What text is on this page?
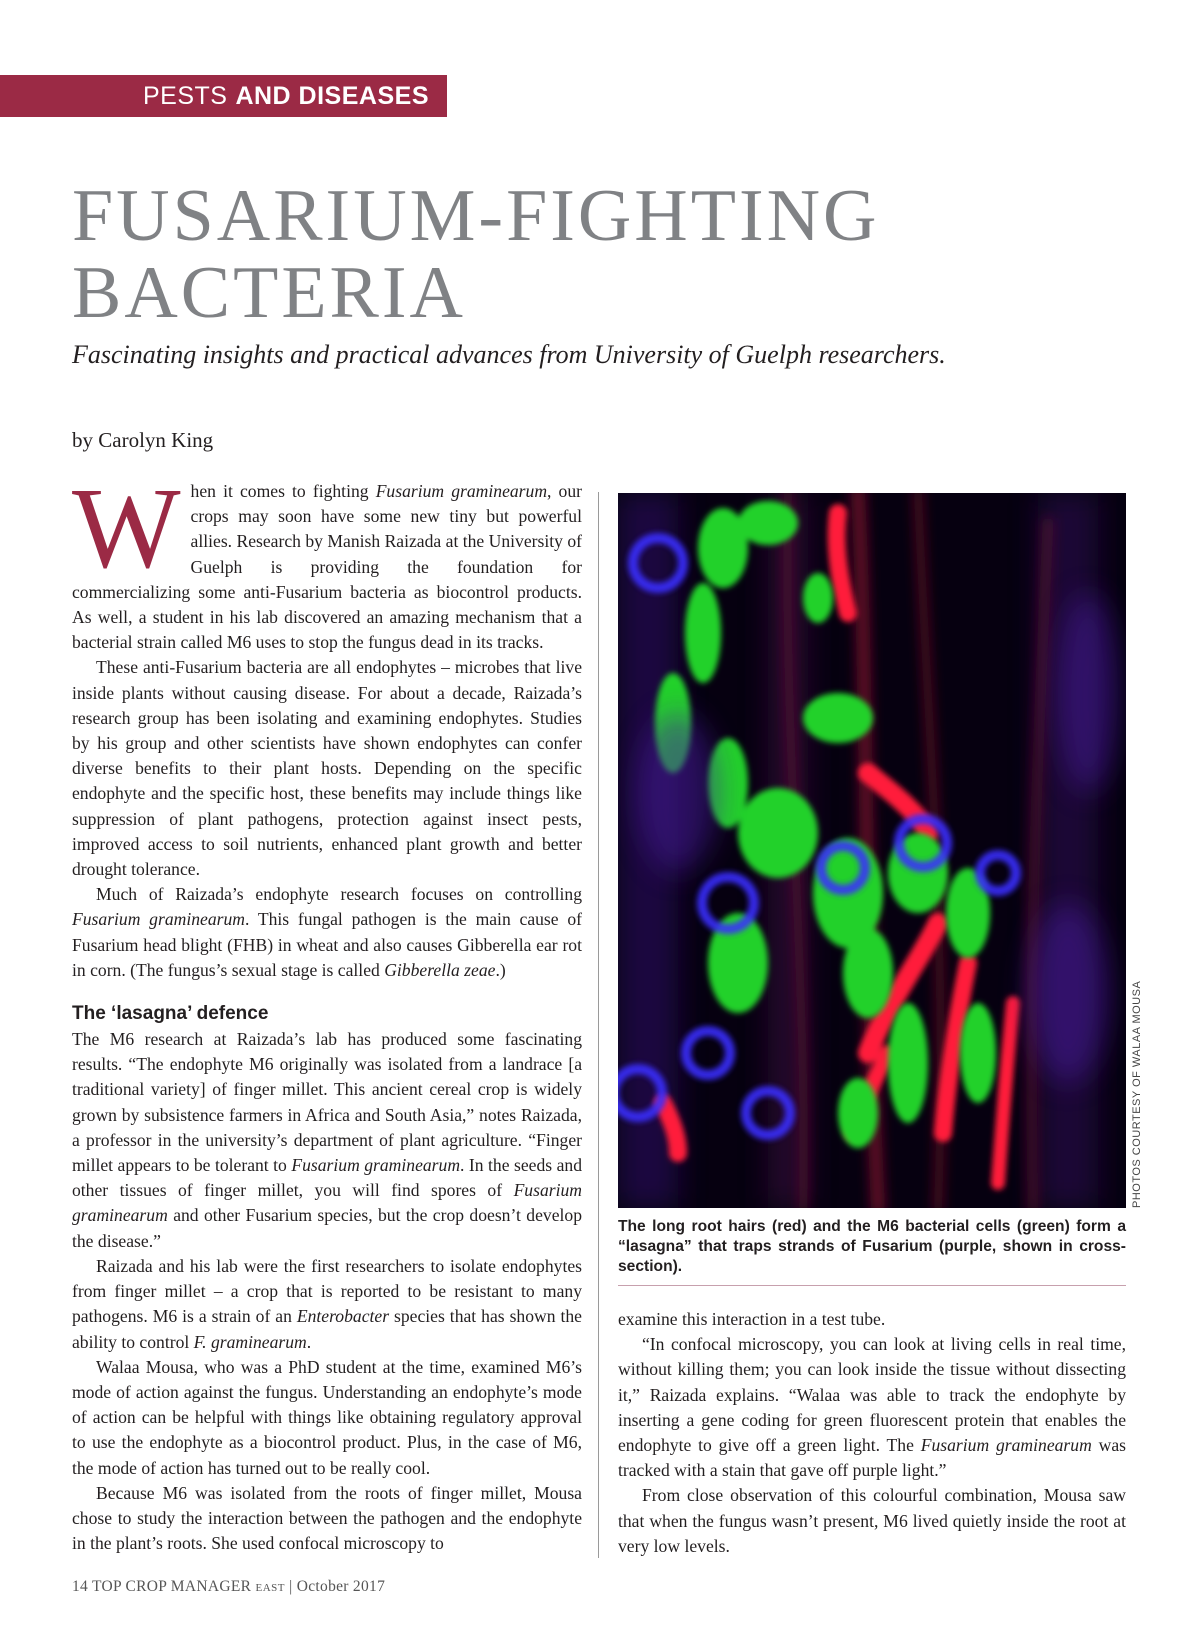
PESTS AND DISEASES
FUSARIUM-FIGHTING
BACTERIA
Fascinating insights and practical advances from University of Guelph researchers.
by Carolyn King

When it comes to fighting Fusarium graminearum, our crops may soon have some new tiny but powerful allies. Research by Manish Raizada at the University of Guelph is providing the foundation for commercializing some anti-Fusarium bacteria as biocontrol products. As well, a student in his lab discovered an amazing mechanism that a bacterial strain called M6 uses to stop the fungus dead in its tracks.

These anti-Fusarium bacteria are all endophytes – microbes that live inside plants without causing disease. For about a decade, Raizada’s research group has been isolating and examining endophytes. Studies by his group and other scientists have shown endophytes can confer diverse benefits to their plant hosts. Depending on the specific endophyte and the specific host, these benefits may include things like suppression of plant pathogens, protection against insect pests, improved access to soil nutrients, enhanced plant growth and better drought tolerance.

Much of Raizada’s endophyte research focuses on controlling Fusarium graminearum. This fungal pathogen is the main cause of Fusarium head blight (FHB) in wheat and also causes Gibberella ear rot in corn. (The fungus’s sexual stage is called Gibberella zeae.)

The ‘lasagna’ defence

The M6 research at Raizada’s lab has produced some fascinating results. “The endophyte M6 originally was isolated from a landrace [a traditional variety] of finger millet. This ancient cereal crop is widely grown by subsistence farmers in Africa and South Asia,” notes Raizada, a professor in the university’s department of plant agriculture. “Finger millet appears to be tolerant to Fusarium graminearum. In the seeds and other tissues of finger millet, you will find spores of Fusarium graminearum and other Fusarium species, but the crop doesn’t develop the disease.”

Raizada and his lab were the first researchers to isolate endophytes from finger millet – a crop that is reported to be resistant to many pathogens. M6 is a strain of an Enterobacter species that has shown the ability to control F. graminearum.

Walaa Mousa, who was a PhD student at the time, examined M6’s mode of action against the fungus. Understanding an endophyte’s mode of action can be helpful with things like obtaining regulatory approval to use the endophyte as a biocontrol product. Plus, in the case of M6, the mode of action has turned out to be really cool.

Because M6 was isolated from the roots of finger millet, Mousa chose to study the interaction between the pathogen and the endophyte in the plant’s roots. She used confocal microscopy to

PHOTOS COURTESY OF WALAA MOUSA
The long root hairs (red) and the M6 bacterial cells (green) form a “lasagna” that traps strands of Fusarium (purple, shown in cross-section).

examine this interaction in a test tube.

“In confocal microscopy, you can look at living cells in real time, without killing them; you can look inside the tissue without dissecting it,” Raizada explains. “Walaa was able to track the endophyte by inserting a gene coding for green fluorescent protein that enables the endophyte to give off a green light. The Fusarium graminearum was tracked with a stain that gave off purple light.”

From close observation of this colourful combination, Mousa saw that when the fungus wasn’t present, M6 lived quietly inside the root at very low levels.

14 TOP CROP MANAGER EAST | October 2017
